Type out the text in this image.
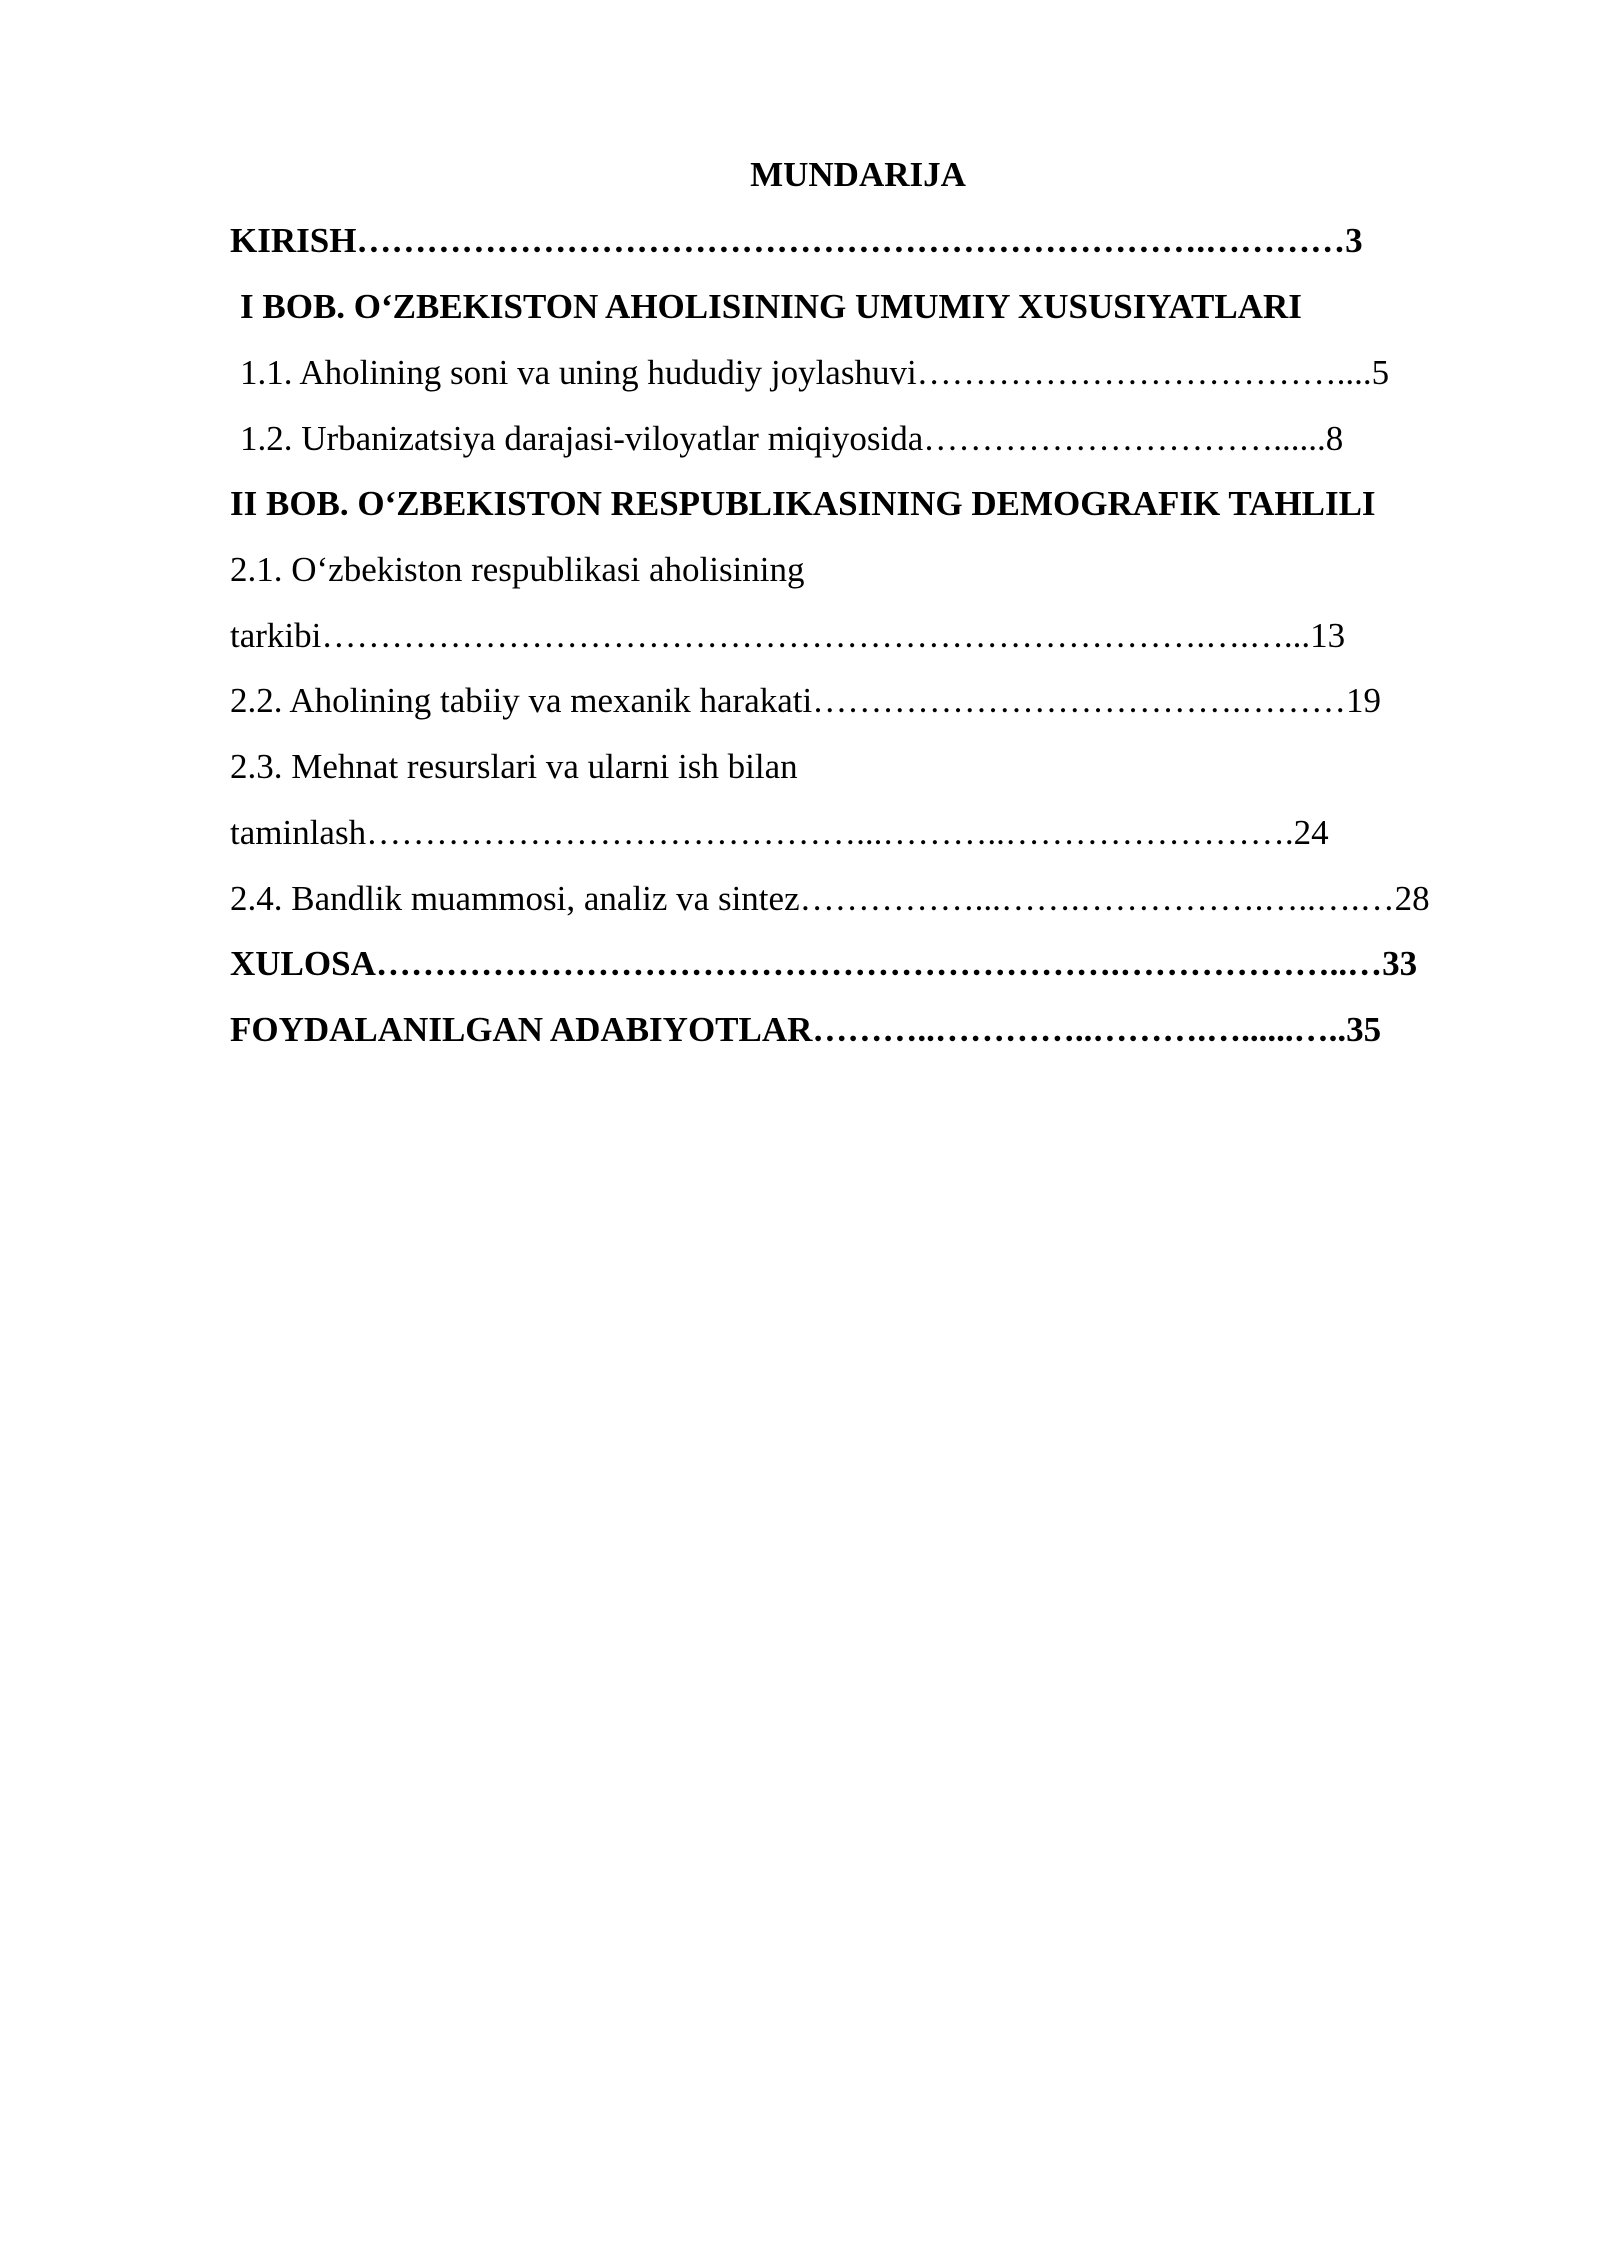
MUNDARIJA
KIRISH……………………………………………………………….…………3
I BOB. O‘ZBEKISTON AHOLISINING UMUMIY XUSUSIYATLARI
1.1. Aholining soni va uning hududiy joylashuvi………………………………....5
1.2. Urbanizatsiya darajasi-viloyatlar miqiyosida…………………………......8
II BOB. O‘ZBEKISTON RESPUBLIKASINING DEMOGRAFIK TAHLILI
2.1. O‘zbekiston respublikasi aholisining
tarkibi………………………………………………………………….….…...13
2.2. Aholining tabiiy va mexanik harakati……………………………….………19
2.3. Mehnat resurslari va ularni ish bilan
taminlash……………………………………...………..…………………….24
2.4. Bandlik muammosi, analiz va sintez……………...…….…………….…..….…28
XULOSA……………………………………………………….………………..…33
FOYDALANILGAN ADABIYOTLAR………..…………..……….…......…..35
